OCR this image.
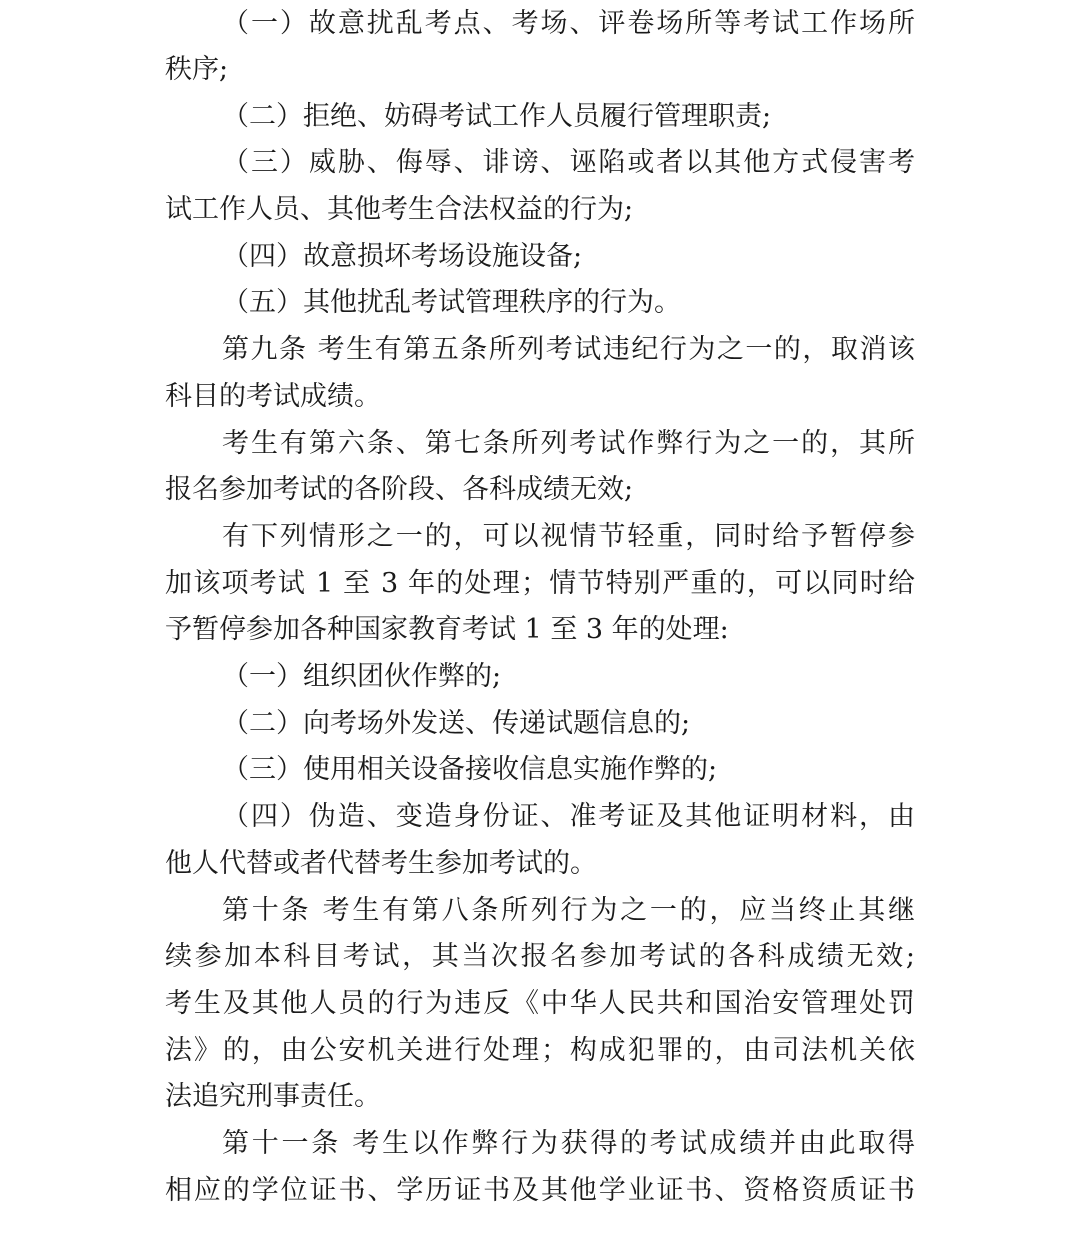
（一）故意扰乱考点、考场、评卷场所等考试工作场所
秩序;
（二）拒绝、妨碍考试工作人员履行管理职责;
（三）威胁、侮辱、诽谤、诬陷或者以其他方式侵害考
试工作人员、其他考生合法权益的行为;
（四）故意损坏考场设施设备;
（五）其他扰乱考试管理秩序的行为。
第九条 考生有第五条所列考试违纪行为之一的，取消该
科目的考试成绩。
考生有第六条、第七条所列考试作弊行为之一的，其所
报名参加考试的各阶段、各科成绩无效;
有下列情形之一的，可以视情节轻重，同时给予暂停参
加该项考试 1 至 3 年的处理；情节特别严重的，可以同时给
予暂停参加各种国家教育考试 1 至 3 年的处理:
（一）组织团伙作弊的;
（二）向考场外发送、传递试题信息的;
（三）使用相关设备接收信息实施作弊的;
（四）伪造、变造身份证、准考证及其他证明材料，由
他人代替或者代替考生参加考试的。
第十条 考生有第八条所列行为之一的，应当终止其继
续参加本科目考试，其当次报名参加考试的各科成绩无效;
考生及其他人员的行为违反《中华人民共和国治安管理处罚
法》的，由公安机关进行处理；构成犯罪的，由司法机关依
法追究刑事责任。
第十一条 考生以作弊行为获得的考试成绩并由此取得
相应的学位证书、学历证书及其他学业证书、资格资质证书
